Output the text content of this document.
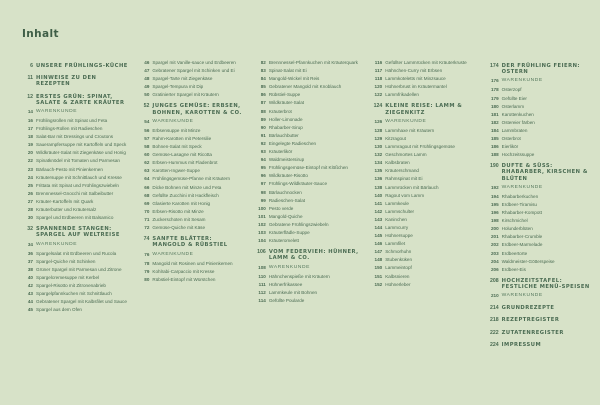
Inhalt
6 UNSERE FRÜHLINGS-KÜCHE
11 HINWEISE ZU DEN REZEPTEN
12 ERSTES GRÜN: SPINAT, SALATE & ZARTE KRÄUTER
14 WARENKUNDE
16 Frühlingsrollen mit Spinat und Feta
17 Frühlings-Rollen mit Radieschen
18 Salat-Bar mit Dressings und Croutons
19 Sauerampfersuppe mit Kartoffeln und Speck
20 Wildkräuter-Salat mit Ziegenkäse und Honig
22 Spinatknödel mit Tomaten und Parmesan
23 Bärlauch-Pesto mit Pinienkernen
24 Kräutersuppe mit Schnittlauch und Kresse
25 Frittata mit Spinat und Frühlingszwiebeln
26 Brennnessel-Gnocchi mit Salbeibutter
27 Kräuter-Kartoffeln mit Quark
28 Kräuterbutter und Kräutersalz
30 Spargel und Erdbeeren mit Balsamico
32 SPANNENDE STANGEN: SPARGEL AUF WELTREISE
34 WARENKUNDE
36 Spargelsalat mit Erdbeeren und Rucola
37 Spargel-Quiche mit Schinken
38 Grüner Spargel mit Parmesan und Zitrone
40 Spargelcremesuppe mit Kerbel
42 Spargel-Risotto mit Zitronenabrieb
43 Spargelpfannkuchen mit Schnittlauch
44 Gebratener Spargel mit Kalbsfilet und Sauce
45 Spargel aus dem Ofen
46 Spargel mit Vanille-sauce und Erdbeeren
47 Gebratener Spargel mit Schinken und Ei
48 Spargel-Tarte mit Ziegenkäse
49 Spargel-Tempura mit Dip
50 Gratinierter Spargel mit Kräutern
52 JUNGES GEMÜSE: ERBSEN, BOHNEN, KAROTTEN & CO.
54 WARENKUNDE
56 Erbsensuppe mit Minze
57 Rahm-Karotten mit Petersilie
58 Bohnen-Salat mit Speck
60 Gemüse-Lasagne mit Ricotta
62 Erbsen-Hummus mit Fladenbrot
63 Karotten-Ingwer-Suppe
64 Frühlingsgemüse-Pfanne mit Kräutern
66 Dicke Bohnen mit Minze und Feta
68 Gefüllte Zucchini mit Hackfleisch
69 Glasierte Karotten mit Honig
70 Erbsen-Risotto mit Minze
71 Zuckerschoten mit Sesam
72 Gemüse-Quiche mit Käse
74 SANFTE BLÄTTER: MANGOLD & RÜBSTIEL
76 WARENKUNDE
78 Mangold mit Rosinen und Pinienkernen
79 Kohlrabi-Carpaccio mit Kresse
80 Rübstiel-Eintopf mit Würstchen
82 Brennnessel-Pfannkuchen mit Kräuterquark
83 Spinat-Salat mit Ei
84 Mangold-Wickel mit Reis
85 Gebratener Mangold mit Knoblauch
86 Rübstiel-Suppe
87 Wildkräuter-Salat
88 Kräuterbrot
89 Holler-Limonade
90 Rhabarber-Sirup
91 Bärlauchbutter
92 Eingelegte Radieschen
93 Kräuterlikör
94 Waldmeistersirup
95 Frühlingsgemüse-Eintopf mit Klößchen
96 Wildkräuter-Risotto
97 Frühlings-Wildkräuter-Sauce
98 Bärlauchnocken
99 Radieschen-Salat
100 Pesto verde
101 Mangold-Quiche
102 Gebratene Frühlingszwiebeln
103 Kräuterflädle-Suppe
104 Kräuteromelett
106 VOM FEDERVIEH: HÜHNER, LAMM & CO.
108 WARENKUNDE
110 Hähnchenspieße mit Kräutern
111 Hühnerfrikassee
112 Lammkeule mit Bohnen
114 Gefüllte Poularde
116 Gefüllter Lammrücken mit Kräuterkruste
117 Hähnchen-Curry mit Erbsen
118 Lammkoteletts mit Minzsauce
120 Hühnerbrust im Kräutermantel
122 Lammfrikadellen
124 KLEINE REISE: LAMM & ZIEGENKITZ
126 WARENKUNDE
128 Lammhaxe mit Kräutern
129 Kitzragout
130 Lammragout mit Frühlingsgemüse
132 Geschmortes Lamm
134 Kalbsbraten
135 Kräuterschmand
136 Rahmspinat mit Ei
138 Lammrücken mit Bärlauch
140 Ragout vom Lamm
141 Lammkeule
142 Lammschulter
143 Kaninchen
144 Lammcurry
145 Hühnersuppe
146 Lammfilet
147 Schmorhuhn
148 Stubenküken
150 Lammeintopf
151 Kalbsnieren
152 Hühnerleber
174 DER FRÜHLING FEIERN: OSTERN
176 WARENKUNDE
178 Osterzopf
179 Gefüllte Eier
180 Osterlamm
181 Karottenkuchen
182 Ostereier färben
184 Lammbraten
185 Osterbrot
186 Eierlikör
188 Hochzeitssuppe
190 DUFTE & SÜSS: RHABARBER, KIRSCHEN & BLÜTEN
192 WARENKUNDE
194 Rhabarberkuchen
195 Erdbeer-Tiramisu
196 Rhabarber-Kompott
198 Kirschmichel
200 Holunderblüten
201 Rhabarber-Crumble
202 Erdbeer-Marmelade
203 Erdbeertorte
204 Waldmeister-Götterspeise
206 Erdbeer-Eis
208 HOCHZEITSTAFEL: FESTLICHE MENÜ-SPEISEN
210 WARENKUNDE
214 GRUNDREZEPTE
218 REZEPTREGISTER
222 ZUTATENREGISTER
224 IMPRESSUM
